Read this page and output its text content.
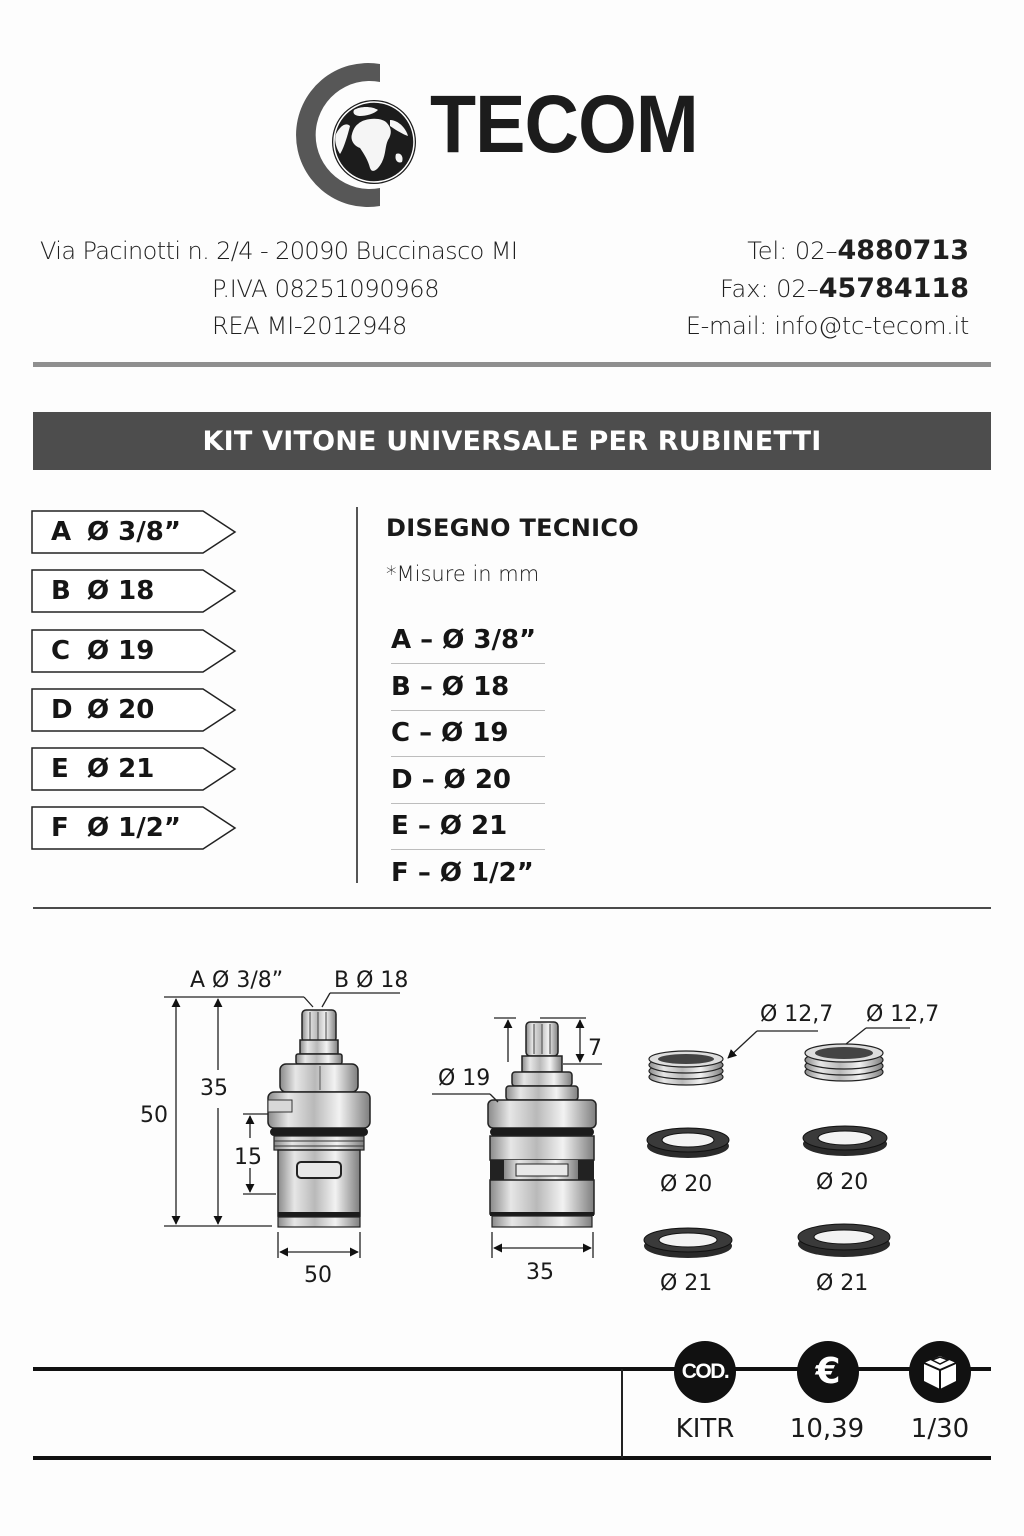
TECOM
Via Pacinotti n. 2/4 - 20090 Buccinasco MI
P.IVA 08251090968
REA MI-2012948
Tel: 02–4880713
Fax: 02–45784118
E-mail: info@tc-tecom.it
KIT VITONE UNIVERSALE PER RUBINETTI
A Ø 3/8”
B Ø 18
C Ø 19
D Ø 20
E Ø 21
F Ø 1/2”
DISEGNO TECNICO
*Misure in mm
A – Ø 3/8”
B – Ø 18
C – Ø 19
D – Ø 20
E – Ø 21
F – Ø 1/2”
A Ø 3/8” B Ø 18
50
35
15
50
Ø 19
7
35
Ø 12,7 Ø 12,7
Ø 20	Ø 20
Ø 21	Ø 21
COD. €
KITR	10,39	1/30
